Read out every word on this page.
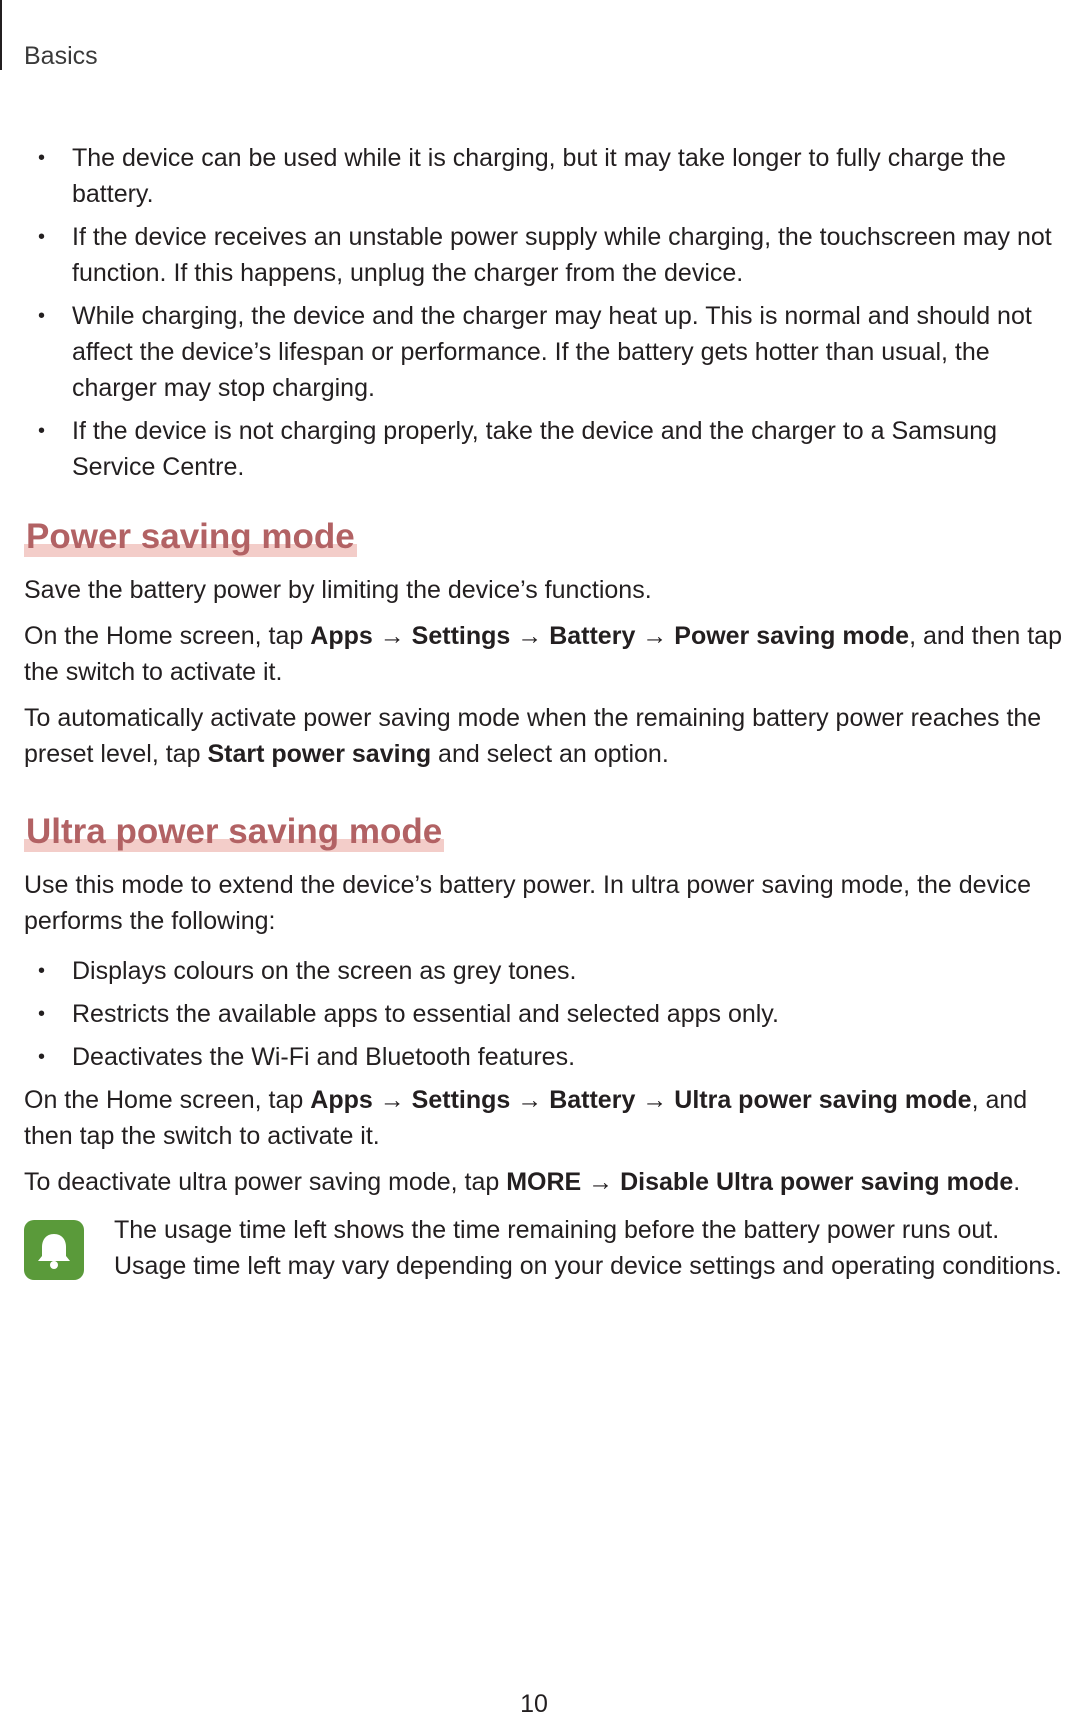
Basics
• The device can be used while it is charging, but it may take longer to fully charge the battery.
• If the device receives an unstable power supply while charging, the touchscreen may not function. If this happens, unplug the charger from the device.
• While charging, the device and the charger may heat up. This is normal and should not affect the device’s lifespan or performance. If the battery gets hotter than usual, the charger may stop charging.
• If the device is not charging properly, take the device and the charger to a Samsung Service Centre.
Power saving mode

Save the battery power by limiting the device’s functions.

On the Home screen, tap Apps → Settings → Battery → Power saving mode, and then tap the switch to activate it.

To automatically activate power saving mode when the remaining battery power reaches the preset level, tap Start power saving and select an option.

Ultra power saving mode

Use this mode to extend the device’s battery power. In ultra power saving mode, the device performs the following:

• Displays colours on the screen as grey tones.
• Restricts the available apps to essential and selected apps only.
• Deactivates the Wi-Fi and Bluetooth features.

On the Home screen, tap Apps → Settings → Battery → Ultra power saving mode, and then tap the switch to activate it.

To deactivate ultra power saving mode, tap MORE → Disable Ultra power saving mode.

The usage time left shows the time remaining before the battery power runs out. Usage time left may vary depending on your device settings and operating conditions.

10
